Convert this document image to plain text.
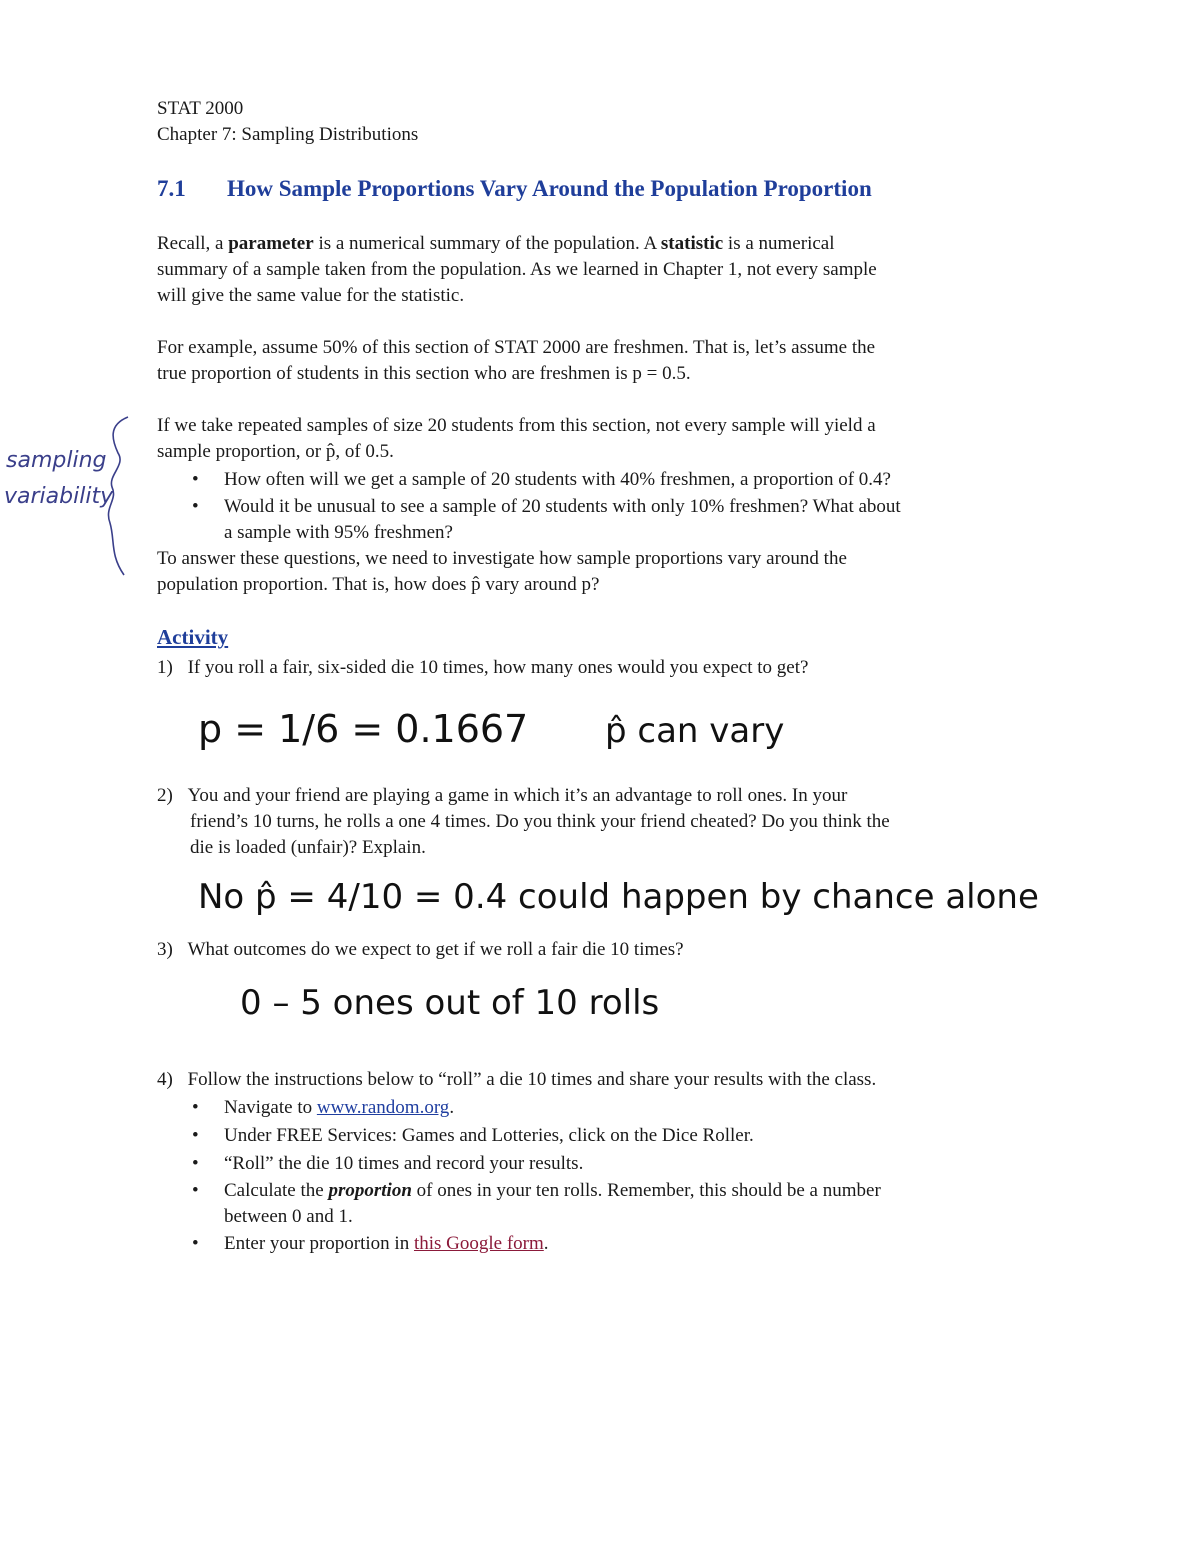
STAT 2000
Chapter 7: Sampling Distributions
7.1 How Sample Proportions Vary Around the Population Proportion
Recall, a parameter is a numerical summary of the population. A statistic is a numerical
summary of a sample taken from the population. As we learned in Chapter 1, not every sample
will give the same value for the statistic.
For example, assume 50% of this section of STAT 2000 are freshmen. That is, let’s assume the
true proportion of students in this section who are freshmen is p = 0.5.
sampling
variability
If we take repeated samples of size 20 students from this section, not every sample will yield a
sample proportion, or p̂, of 0.5.
• How often will we get a sample of 20 students with 40% freshmen, a proportion of 0.4?
• Would it be unusual to see a sample of 20 students with only 10% freshmen? What about
a sample with 95% freshmen?
To answer these questions, we need to investigate how sample proportions vary around the
population proportion. That is, how does p̂ vary around p?
Activity
1) If you roll a fair, six-sided die 10 times, how many ones would you expect to get?
p = 1/6 = 0.1667 p̂ can vary
2) You and your friend are playing a game in which it’s an advantage to roll ones. In your
friend’s 10 turns, he rolls a one 4 times. Do you think your friend cheated? Do you think the
die is loaded (unfair)? Explain.
No p̂ = 4/10 = 0.4 could happen by chance alone
3) What outcomes do we expect to get if we roll a fair die 10 times?
0 – 5 ones out of 10 rolls
4) Follow the instructions below to “roll” a die 10 times and share your results with the class.
• Navigate to www.random.org.
• Under FREE Services: Games and Lotteries, click on the Dice Roller.
• “Roll” the die 10 times and record your results.
• Calculate the proportion of ones in your ten rolls. Remember, this should be a number
between 0 and 1.
• Enter your proportion in this Google form.
